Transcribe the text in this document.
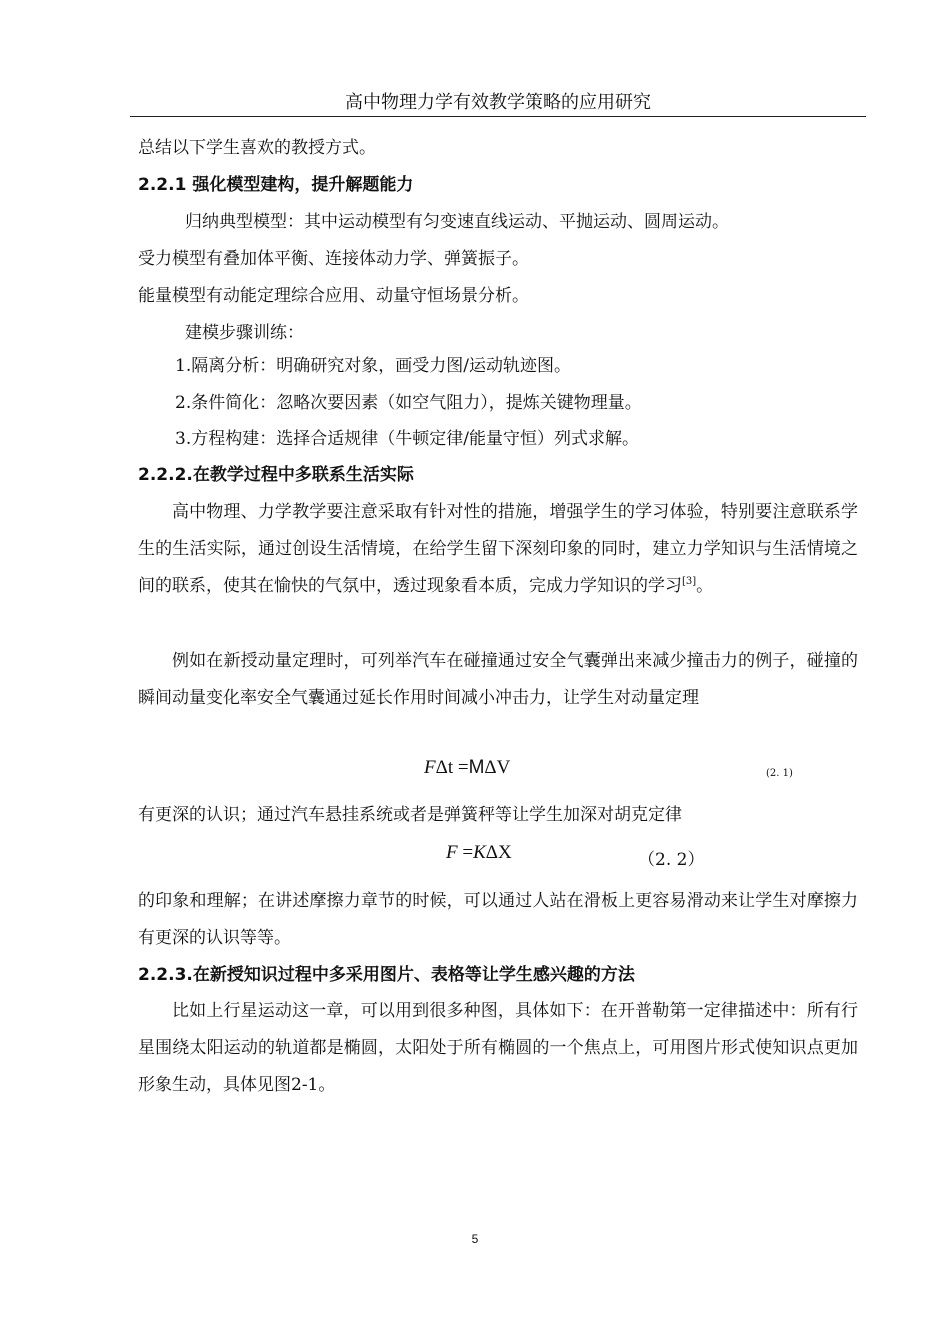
高中物理力学有效教学策略的应用研究
总结以下学生喜欢的教授方式。
2.2.1 强化模型建构，提升解题能力
归纳典型模型：其中运动模型有匀变速直线运动、平抛运动、圆周运动。
受力模型有叠加体平衡、连接体动力学、弹簧振子。
能量模型有动能定理综合应用、动量守恒场景分析。
建模步骤训练：
1.隔离分析：明确研究对象，画受力图/运动轨迹图。
2.条件简化：忽略次要因素（如空气阻力），提炼关键物理量。
3.方程构建：选择合适规律（牛顿定律/能量守恒）列式求解。
2.2.2.在教学过程中多联系生活实际
高中物理、力学教学要注意采取有针对性的措施，增强学生的学习体验，特别要注意联系学生的生活实际，通过创设生活情境，在给学生留下深刻印象的同时，建立力学知识与生活情境之间的联系，使其在愉快的气氛中，透过现象看本质，完成力学知识的学习[3]。
例如在新授动量定理时，可列举汽车在碰撞通过安全气囊弹出来减少撞击力的例子，碰撞的瞬间动量变化率安全气囊通过延长作用时间减小冲击力，让学生对动量定理
FΔt =MΔV	(2. 1)
有更深的认识；通过汽车悬挂系统或者是弹簧秤等让学生加深对胡克定律
F =KΔX	（2. 2）
的印象和理解；在讲述摩擦力章节的时候，可以通过人站在滑板上更容易滑动来让学生对摩擦力有更深的认识等等。
2.2.3.在新授知识过程中多采用图片、表格等让学生感兴趣的方法
比如上行星运动这一章，可以用到很多种图，具体如下：在开普勒第一定律描述中：所有行星围绕太阳运动的轨道都是椭圆，太阳处于所有椭圆的一个焦点上，可用图片形式使知识点更加形象生动，具体见图2-1。
5
